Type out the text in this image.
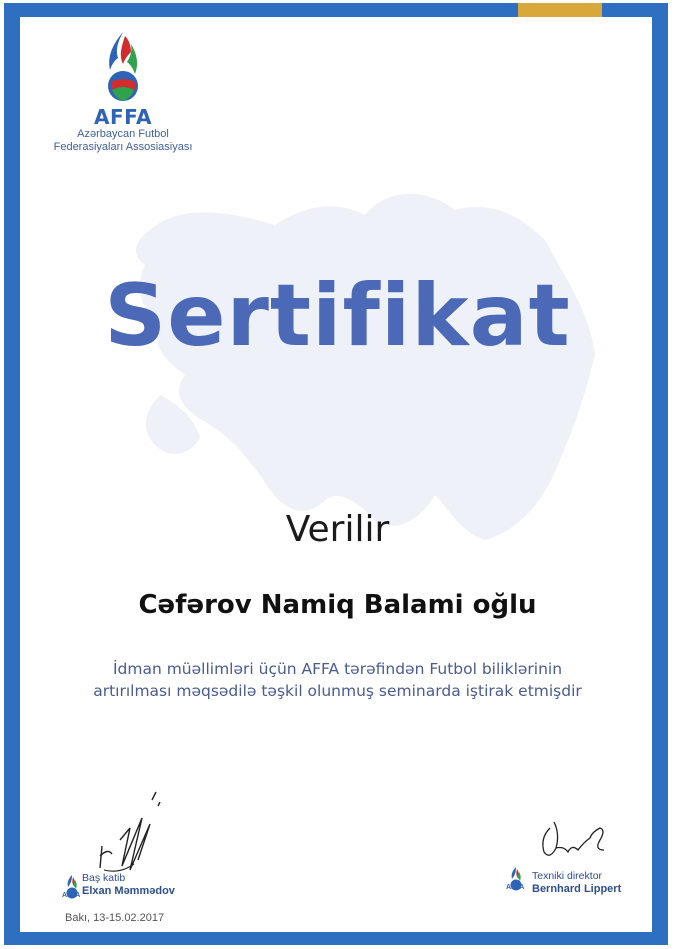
AFFA
Azərbaycan Futbol
Federasiyaları Assosiasiyası
Sertifikat
Verilir
Cəfərov Namiq Balami oğlu
İdman müəllimləri üçün AFFA tərəfindən Futbol biliklərinin
artırılması məqsədilə təşkil olunmuş seminarda iştirak etmişdir
AFFA
Baş katib
Elxan Məmmədov	AFFA
Texniki direktor
Bernhard Lippert
Bakı, 13-15.02.2017
